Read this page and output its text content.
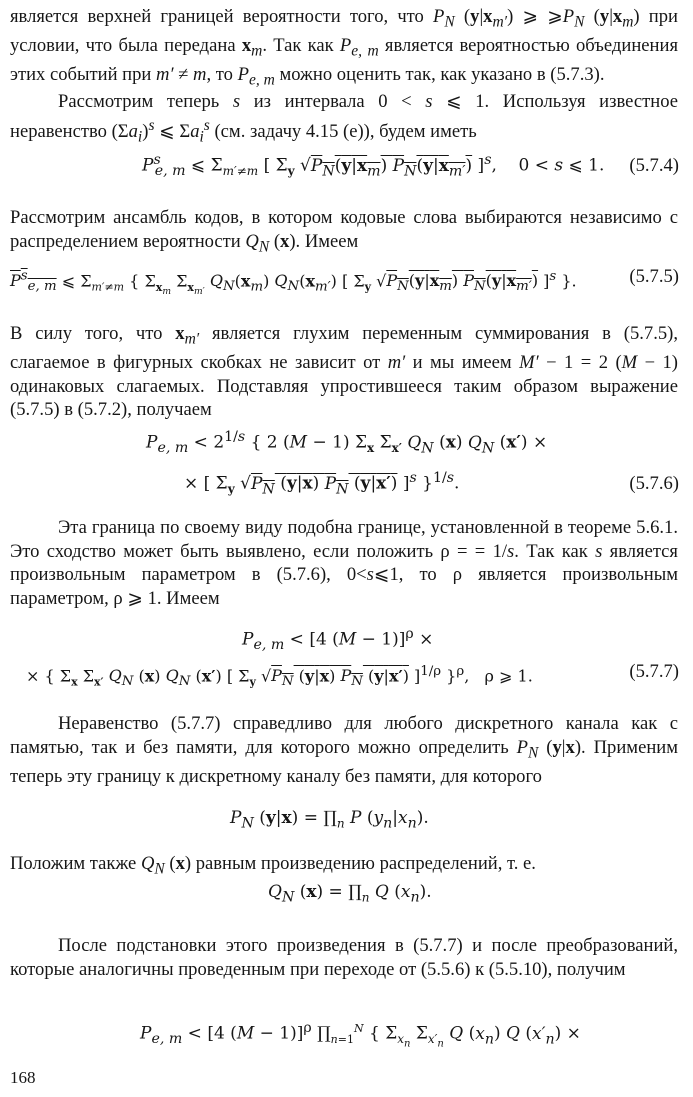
является верхней границей вероятности того, что $P_N$ $(y|x_{m'})$ ⩾ $⩾P_N$ $(y|x_m)$ при условии, что была передана $x_m$. Так как $P_{e, m}$ является вероятностью объединения этих событий при m′ ≠ m, то $P_{e, m}$ можно оценить так, как указано в (5.7.3).
Рассмотрим теперь s из интервала 0 < s ⩽ 1. Используя известное неравенство $(\Sigma a_i)^s$ ⩽ $\Sigma a_i^s$ (см. задачу 4.15 (е)), будем иметь
$P^s_{e, m}$ ⩽ $\Sigma_{m'\ne m}$ [ $\Sigma_y$ $√P_N(y|x_m)$ $P_N(y|x_{m'})$ ]$^s$,    0 < s ⩽ 1. (5.7.4)
Рассмотрим ансамбль кодов, в котором кодовые слова выбираются независимо с распределением вероятности $Q_N$ (x). Имеем
$P^s_{e, m}$ ⩽ $\Sigma_{m'\ne m}$ { $\Sigma_{x_m}$ $\Sigma_{x_{m'}}$ $Q_N(x_m)$ $Q_N(x_{m'})$ [ $\Sigma_y$ $√P_N(y|x_m)$ $P_N(y|x_{m'})$ ]$^s$ }.	(5.7.5)
В силу того, что $x_{m'}$ является глухим переменным суммирования в (5.7.5), слагаемое в фигурных скобках не зависит от m′ и мы имеем M′ − 1 = 2 (M − 1) одинаковых слагаемых. Подставляя упростившееся таким образом выражение (5.7.5) в (5.7.2), получаем
$P_{e, m} < 2^{1/s}$ { 2 (M − 1) $\Sigma_x$ $\Sigma_{x'}$ $Q_N$ (x) $Q_N$ (x′) ×
× [ $\Sigma_y$ $√P_N$ (y|x) $P_N$ (y|x′) ]$^s$ }$^{1/s}$.	(5.7.6)
Эта граница по своему виду подобна границе, установленной в теореме 5.6.1. Это сходство может быть выявлено, если положить ρ = = 1/s. Так как s является произвольным параметром в (5.7.6), 0<s⩽1, то ρ является произвольным параметром, ρ ⩾ 1. Имеем
$P_{e, m} < [4$ (M − 1)]$^\rho$ ×
× { $\Sigma_x$ $\Sigma_{x'}$ $Q_N$ (x) $Q_N$ (x′) [ $\Sigma_y$ $√P_N$ (y|x) $P_N$ (y|x′) ]$^{1/\rho}$ }$^\rho$,   ρ ⩾ 1.	(5.7.7)
Неравенство (5.7.7) справедливо для любого дискретного канала как с памятью, так и без памяти, для которого можно определить $P_N$ (y|x). Применим теперь эту границу к дискретному каналу без памяти, для которого
$P_N$ $(y|x) = \prod_n$ P $(y_n|x_n)$.
Положим также $Q_N$ (x) равным произведению распределений, т. е.
$Q_N$ $(x) = \prod_n$ Q $(x_n)$.
После подстановки этого произведения в (5.7.7) и после преобразований, которые аналогичны проведенным при переходе от (5.5.6) к (5.5.10), получим
$P_{e, m} < [4$ (M − 1)]$^\rho$ $\prod_{n=1}^N$ { $\Sigma_{x_n}$ $\Sigma_{x'_n}$ Q $(x_n)$ Q $(x'_n)$ ×
168
